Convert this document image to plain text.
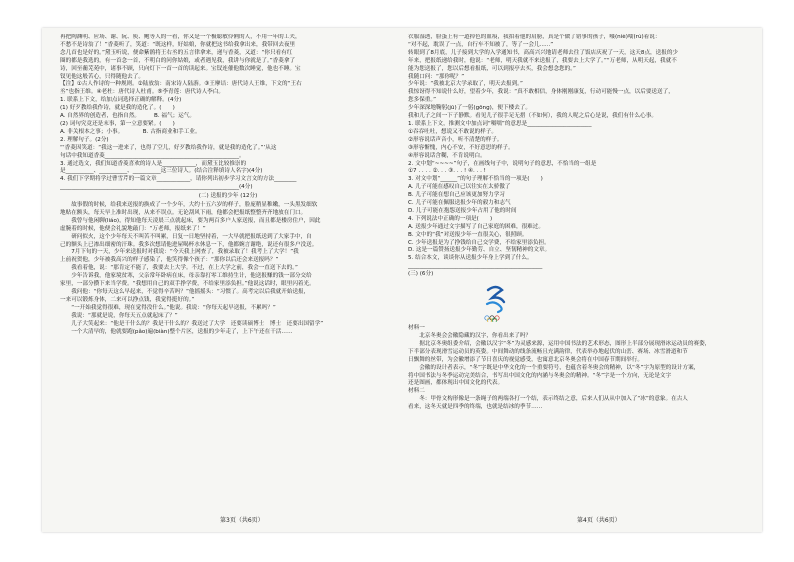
再把陶渊明、应场、谢、阮、庾、鲍等人的一看，你又是一个极聪敏伶俐的人，不用一年的工夫，

不愁不是诗翁了！”香菱听了，笑道：“既这样，好姑娘，你就把这书给我拿出来，我带回去夜里

念几首也是好的。”黛玉听说，便命紫鹃将王右丞的五言律拿来，递与香菱，又道：“你只看有红

圈的都是我选的，有一首念一首，不明白的问你姑娘，或者遇见我，我讲与你就是了。”香菱拿了

诗，回至蘅芜苑中，诸事不顾，只向灯下一首一首的读起来。宝钗连催他数次睡觉，他也不睡。宝

钗见他这般苦心，只得随他去了。

【注】①古人作诗的一种规则。②陆放翁：南宋诗人陆游。③王摩诘：唐代诗人王维，下文的“王右

丞”也指王维。④老杜：唐代诗人杜甫。⑤李青莲：唐代诗人李白。

1. 联系上下文，给加点词选择正确的解释。(4分)

(1) 好歹教给我作诗，就是我的造化了。(　　)

A. 自然界的创造者，也指自然。　　　B. 福气；运气。

(2) 词句究竟还是末事，第一立意要紧。(　　)

A. 非关根本之事；小事。　　　　B. 古指商业和手工业。

2. 理解句子。(2分)

“‘香菱因笑道：“我这一进来了，也得了空儿，好歹教给我作诗，就是我的造化了。”’从这

句话中我知道香菱________________________________________________。

3. 通过选文，我们知道香菱喜欢的诗人是____________，而黛玉比较推崇的

是__________、__________、__________这三位诗人。(结合注释填诗人名字)(4分)

4. 我们下学期将学过曹雪芹的一篇文章____________，请你列出初步学习文言文的方法________

________________________________________________________________(4分)

(二) 送报的少年 (12分)

故事假的时候，给我来送报的换成了一个少年，大约十五六岁的样子，脸庞稍显稚嫩，一头黑发细软

地贴在额头，每天早上准时出现，从来不误点。无论刮风下雨，他都会把报纸整整齐齐地放在门口。

我曾与他闲聊(liáo)，得知他每天凌晨三点就起床，要为两百多户人家送报，而且都是楼房住户，因此

虚腕着的时候，他便会礼貌地敲门：“万老师，报纸来了！”

研问似火，这个少年每天不叫苦不叫累，日复一日地坚持着，一大早就把报纸送到了大家手中，自

己的额头上已渗出细密的汗珠。我多次想请他进屋喝杯水休息一下，他都婉言谢绝，说还有很多户没送。

7月下旬的一天，少年来送报时对我说：“今天我上网查了，我被录取了！我考上了大学！”我

上前祝贺他，少年被我高兴的样子感染了，他笑得像个孩子：“那你以后还会来送报吗？”

我看着他，说：“那肯定不能了，我要去上大学。不过，在上大学之前，我会一直送下去的。”

少年告诉我，他家境贫寒，父亲常年卧病在床，母亲靠打零工维持生计，他送报赚的钱一部分交给

家里，一部分攒下来当学费。“我想用自己的双手挣学费，不给家里添负担。”他说这话时，眼里闪着光。

我问他：“你每天这么早起来，不觉得辛苦吗？”他摇摇头：“习惯了。高考完以后我就开始送报，

一来可以锻炼身体，二来可以挣点钱，我觉得挺好的。”

“一开始我觉得很难，现在觉得没什么。”他说。我说：“你每天起早送报，不累吗？”

我说：“那就是说，你每天五点就起床了？”

儿子大笑起来：“他是干什么的？我是干什么的？我送过了大学　还要读硕博士　博士　还要出国留学”

一个大清早的，他就要跑(pǎo)遍(biàn)整个片区，送报的少年走了，上下午还在干活……

第3页（共6页）

衣服湿透，脸蛋上有一道掉色的血痕，我拍着他的肩膀，真是个做了错事的孩子，嗫(niè)嚅(rú)着说：

“对不起，耽误了一点，自行车不知被了，等了一会儿......”

转眼到了8月底，儿子接到大学的入学通知书，高高兴兴地请老师去往了饭店庆祝了一天，这天8点，送报的少

年来，把报纸递给我时，他说：“老师，明天我就不来送报了，我要去上大学了。”“万老师，从明天起，我就不

能为您送报了，您以后想看报纸，可以到报亭去买，我会想念您的。”

我随口问：“那你呢？”

少年说：“我被北京大学录取了，明天去报到。”

我惊讶得不知说什么好，望着少年，我说：“真不敢相信，身体刚刚康复，行动可能慢一点，以后要送送了，

您多保重。”

少年深深地鞠躬(jū)了一躬(gōng)，便下楼去了。

我和儿子之间一下子静默。看见儿子很手足无措（不如何），我的人呢之后心是说，我们有什么心事。

1. 联系上下文，推测文中加点词“嗫嚅”的意思是_______________________

①吞吞吐吐，想说又不敢说的样子。

②形容说话声音小，听不清楚的样子。

③形容惭愧，内心不安，不好意思的样子。

④形容说话含糊，不肯说明白。

2. 文中划“~~~~”句子，在画线句子中，说明句子的意思，不恰当的一组是

①7 . . . . ②. . . ③. . . ! ④. . . !

3. 对文中划“______”的句子理解不恰当的一项是(　　)

A. 儿子可能在感叹自己以往实在太骄傲了

B. 儿子可能在想自己应该更加努力学习

C. 儿子可能在佩服送报少年的毅力和志气

D. 儿子可能在抱怨送报少年占用了他的时间

4. 下列说法中正确的一项是(　　)

A. 送报少年通过文字描写了自己家庭的困难，很难过。

B. 文中的“我”对送报少年一直很关心，很照顾。

C. 少年送报是为了挣钱给自己交学费，不给家里添负担。

D. 这是一篇赞扬送报少年勤劳、自立、坚韧精神的文章。

5. 结合本文，谈谈你从送报少年身上学到了什么。

________________________________________________

(三) (6分)

材料一

北京冬奥会会徽隐藏的汉字，你看出来了吗？

据北京冬奥组委介绍，会徽以汉字“冬”为灵感来源，运用中国书法的艺术形态，图形上半部分展现滑冰运动员的赛姿，

下半部分表现滑雪运动员的英姿。中间舞动的线条流畅且充满韵律，代表举办地起伏的山峦、赛场、冰雪滑道和节

日飘舞的丝带，为会徽增添了节日喜庆的视觉感受，也寓意北京冬奥会将在中国春节期间举行。

会徽的设计者表示，“冬”字既是中华文化的一个重要符号，也蕴含着冬奥会的精神，以“冬”字为原型的设计方案，

将中国书法与冬季运动完美结合，书写出中国文化的内涵与冬奥会的精神。“冬”字是一个方向，无论是文字

还是图画，都体现出中国文化的代表。

材料二

冬：甲骨文构形像是一条绳子的两端各打一个结，表示终结之意，后来人们从从中加入了“冰”的意象。在古人

看来，这冬天就是四季的终端，也就是结冰的季节……

第4页（共6页）
